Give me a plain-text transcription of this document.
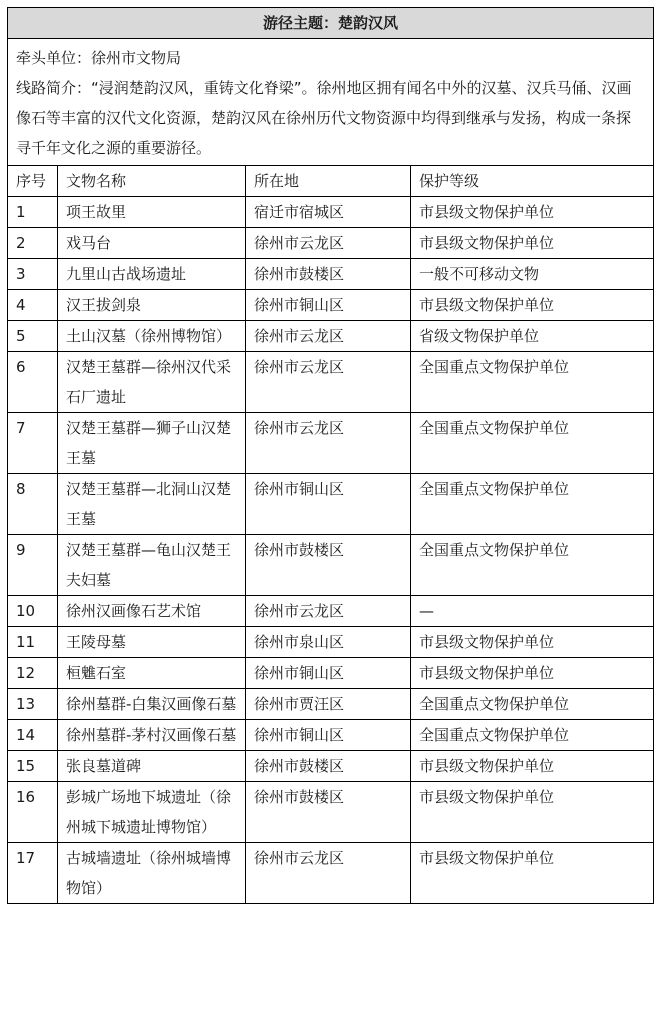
游径主题：楚韵汉风			

牵头单位：徐州市文物局
线路简介：“浸润楚韵汉风，重铸文化脊梁”。徐州地区拥有闻名中外的汉墓、汉兵马俑、汉画像石等丰富的汉代文化资源，楚韵汉风在徐州历代文物资源中均得到继承与发扬，构成一条探寻千年文化之源的重要游径。			

序号	文物名称	所在地	保护等级
1	项王故里	宿迁市宿城区	市县级文物保护单位
2	戏马台	徐州市云龙区	市县级文物保护单位
3	九里山古战场遗址	徐州市鼓楼区	一般不可移动文物
4	汉王拔剑泉	徐州市铜山区	市县级文物保护单位
5	土山汉墓（徐州博物馆）	徐州市云龙区	省级文物保护单位
6	汉楚王墓群—徐州汉代采石厂遗址	徐州市云龙区	全国重点文物保护单位
7	汉楚王墓群—狮子山汉楚王墓	徐州市云龙区	全国重点文物保护单位
8	汉楚王墓群—北洞山汉楚王墓	徐州市铜山区	全国重点文物保护单位
9	汉楚王墓群—龟山汉楚王夫妇墓	徐州市鼓楼区	全国重点文物保护单位
10	徐州汉画像石艺术馆	徐州市云龙区	—
11	王陵母墓	徐州市泉山区	市县级文物保护单位
12	桓魋石室	徐州市铜山区	市县级文物保护单位
13	徐州墓群-白集汉画像石墓	徐州市贾汪区	全国重点文物保护单位
14	徐州墓群-茅村汉画像石墓	徐州市铜山区	全国重点文物保护单位
15	张良墓道碑	徐州市鼓楼区	市县级文物保护单位
16	彭城广场地下城遗址（徐州城下城遗址博物馆）	徐州市鼓楼区	市县级文物保护单位
17	古城墙遗址（徐州城墙博物馆）	徐州市云龙区	市县级文物保护单位
